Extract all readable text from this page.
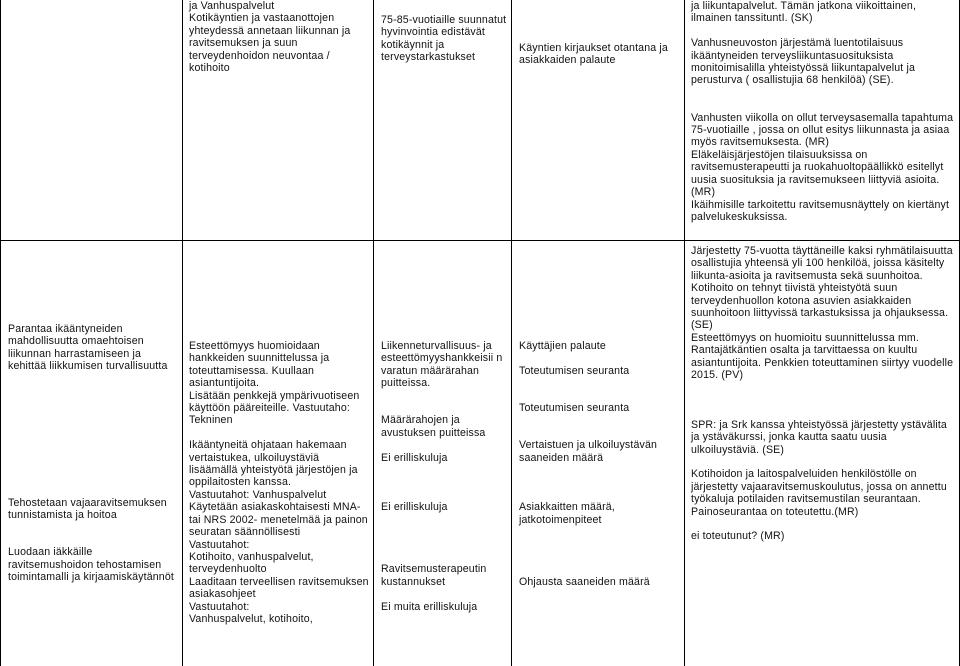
ja Vanhuspalvelut
Kotikäyntien ja vastaanottojen yhteydessä annetaan liikunnan ja ravitsemuksen ja suun terveydenhoidon neuvontaa / kotihoito
75-85-vuotiaille suunnatut hyvinvointia edistävät kotikäynnit ja terveystarkastukset
Käyntien kirjaukset otantana ja asiakkaiden palaute
ja liikuntapalvelut. Tämän jatkona viikoittainen, ilmainen tanssituntI. (SK)

Vanhusneuvoston järjestämä luentotilaisuus ikääntyneiden terveysliikuntasuosituksista monitoimisalilla yhteistyössä liikuntapalvelut ja perusturva ( osallistujia 68 henkilöä) (SE).

Vanhusten viikolla on ollut terveysasemalla tapahtuma 75-vuotiaille , jossa on ollut esitys liikunnasta ja asiaa myös ravitsemuksesta. (MR)
Eläkeläisjärjestöjen tilaisuuksissa on ravitsemusterapeutti ja ruokahuoltopäällikkö esitellyt uusia suosituksia ja ravitsemukseen liittyviä asioita.(MR)
Ikäihmisille tarkoitettu ravitsemusnäyttely on kiertänyt palvelukeskuksissa.
Parantaa ikääntyneiden mahdollisuutta omaehtoisen liikunnan harrastamiseen ja kehittää liikkumisen turvallisuutta

Tehostetaan vajaaravitsemuksen tunnistamista ja hoitoa

Luodaan iäkkäille ravitsemushoidon tehostamisen toimintamalli ja kirjaamiskäytännöt
Esteettömyys huomioidaan hankkeiden suunnittelussa ja toteuttamisessa. Kuullaan asiantuntijoita.
Lisätään penkkejä ympärivuotiseen käyttöön pääreiteille. Vastuutaho: Tekninen

Ikääntyneitä ohjataan hakemaan vertaistukea, ulkoiluystäviä lisäämällä yhteistyötä järjestöjen ja oppilaitosten kanssa.
Vastuutahot: Vanhuspalvelut
Käytetään asiakaskohtaisesti MNA- tai NRS 2002- menetelmää ja painon seuratan säännöllisesti
Vastuutahot:
Kotihoito, vanhuspalvelut, terveydenhuolto
Laaditaan terveellisen ravitsemuksen asiakasohjeet
Vastuutahot:
Vanhuspalvelut, kotihoito,
Liikenneturvallisuus- ja esteettömyyshankkeisii n varatun määrärahan puitteissa.

Määrärahojen ja avustuksen puitteissa

Ei erilliskuluja

Ei erilliskuluja

Ravitsemusterapeutin kustannukset

Ei muita erilliskuluja
Käyttäjien palaute

Toteutumisen seuranta

Toteutumisen seuranta

Vertaistuen ja ulkoiluystävän saaneiden määrä

Asiakkaitten määrä, jatkotoimenpiteet

Ohjausta saaneiden määrä
Järjestetty 75-vuotta täyttäneille kaksi ryhmätilaisuutta osallistujia yhteensä yli 100 henkilöä, joissa käsitelty liikunta-asioita ja ravitsemusta sekä suunhoitoa. Kotihoito on tehnyt tiivistä yhteistyötä suun terveydenhuollon kotona asuvien asiakkaiden suunhoitoon liittyvissä tarkastuksissa ja ohjauksessa. (SE)
Esteettömyys on huomioitu suunnittelussa mm. Rantajätkäntien osalta ja tarvittaessa on kuultu asiantuntijoita. Penkkien toteuttaminen siirtyy vuodelle 2015. (PV)

SPR: ja Srk kanssa yhteistyössä järjestetty ystävälita ja ystäväkurssi, jonka kautta saatu uusia ulkoiluystäviä. (SE)

Kotihoidon ja laitospalveluiden henkilöstölle on järjestetty vajaaravitsemuskoulutus, jossa on annettu työkaluja potilaiden ravitsemustilan seurantaan. Painoseurantaa on toteutettu.(MR)

ei toteutunut? (MR)
